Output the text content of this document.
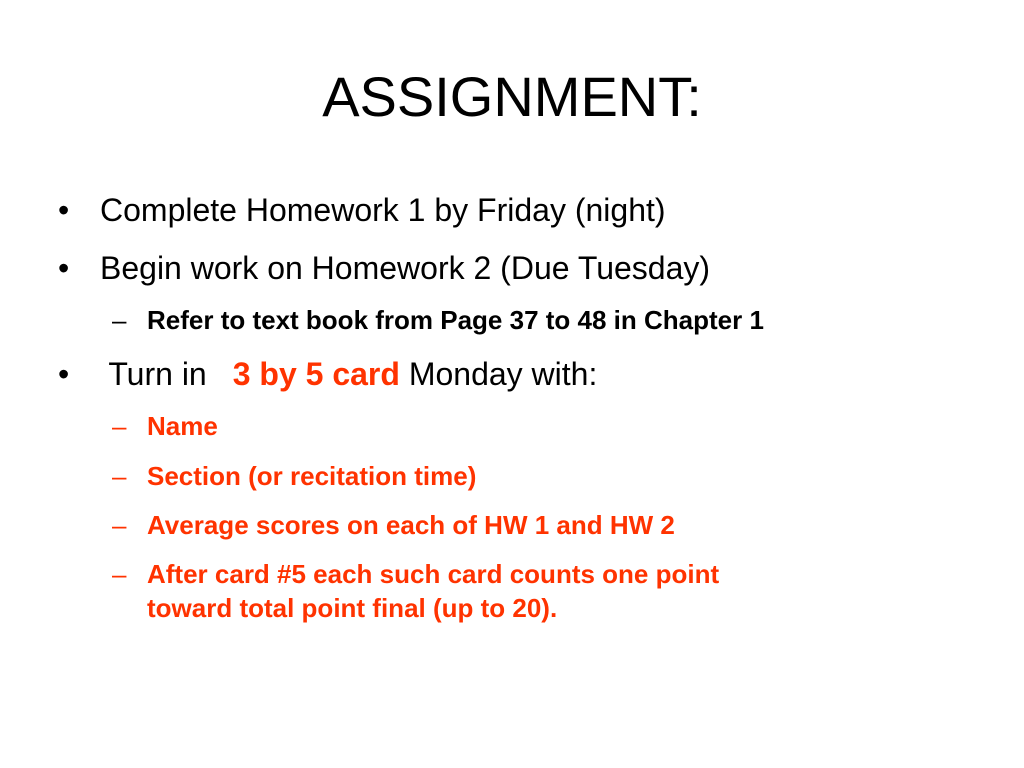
ASSIGNMENT:
• Complete Homework 1 by Friday (night)
• Begin work on Homework 2 (Due Tuesday)
– Refer to text book from Page 37 to 48 in Chapter 1
• Turn in 3 by 5 card Monday with:
– Name
– Section (or recitation time)
– Average scores on each of HW 1 and HW 2
– After card #5 each such card counts one point
toward total point final (up to 20).
